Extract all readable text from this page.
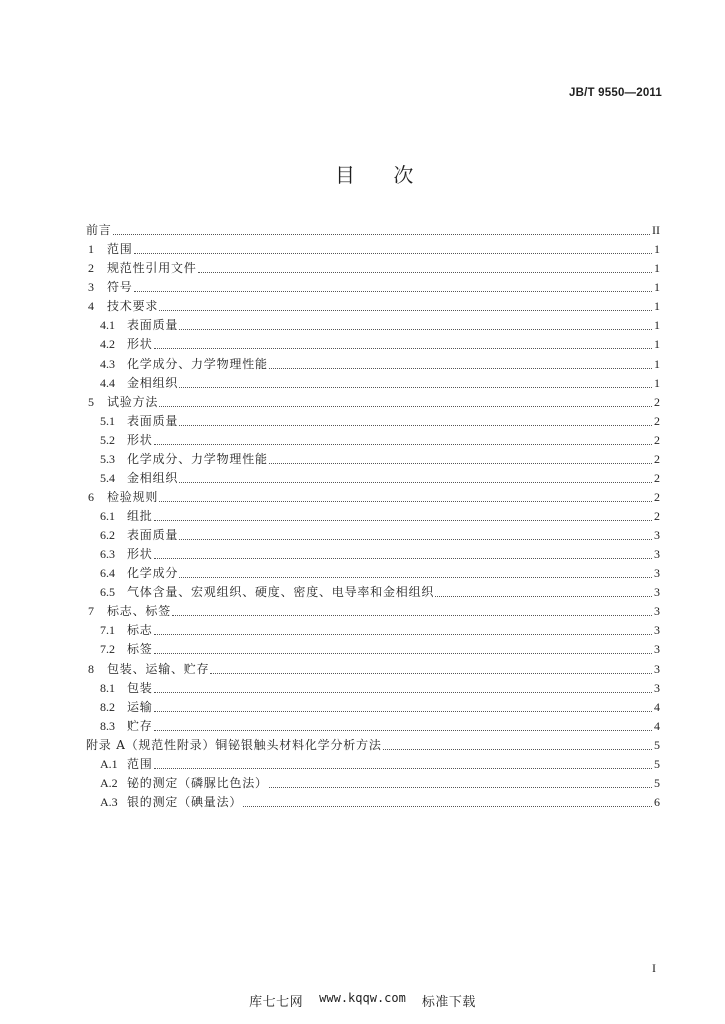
JB/T 9550—2011
目 次
前言	II
1	范围	1
2	规范性引用文件	1
3	符号	1
4	技术要求	1
4.1	表面质量	1
4.2	形状	1
4.3	化学成分、力学物理性能	1
4.4	金相组织	1
5	试验方法	2
5.1	表面质量	2
5.2	形状	2
5.3	化学成分、力学物理性能	2
5.4	金相组织	2
6	检验规则	2
6.1	组批	2
6.2	表面质量	3
6.3	形状	3
6.4	化学成分	3
6.5	气体含量、宏观组织、硬度、密度、电导率和金相组织	3
7	标志、标签	3
7.1	标志	3
7.2	标签	3
8	包装、运输、贮存	3
8.1	包装	3
8.2	运输	4
8.3	贮存	4
附录 A（规范性附录）铜铋银触头材料化学分析方法	5
A.1 范围	5
A.2 铋的测定（磷脲比色法）	5
A.3 银的测定（碘量法）	6
I
库七七网 www.kqqw.com 标准下载
